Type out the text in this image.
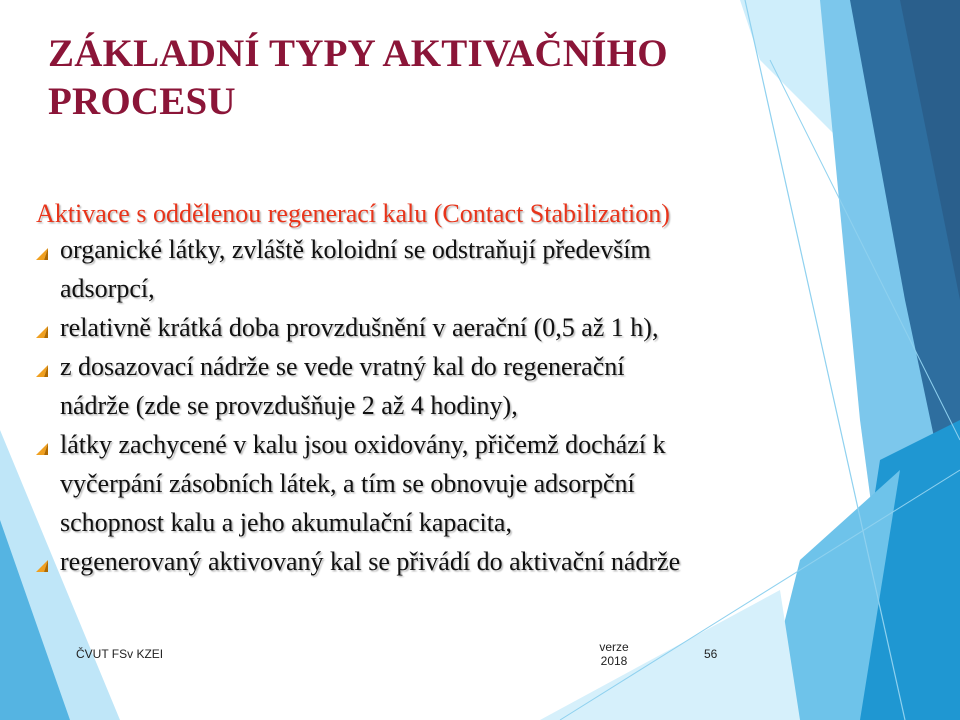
ZÁKLADNÍ TYPY AKTIVAČNÍHO
PROCESU
Aktivace s oddělenou regenerací kalu (Contact Stabilization)
organické látky, zvláště koloidní se odstraňují především
adsorpcí,
relativně krátká doba provzdušnění v aerační (0,5 až 1 h),
z dosazovací nádrže se vede vratný kal do regenerační
nádrže (zde se provzdušňuje 2 až 4 hodiny),
látky zachycené v kalu jsou oxidovány, přičemž dochází k
vyčerpání zásobních látek, a tím se obnovuje adsorpční
schopnost kalu a jeho akumulační kapacita,
regenerovaný aktivovaný kal se přivádí do aktivační nádrže
ČVUT FSv KZEI	verze
2018	56
